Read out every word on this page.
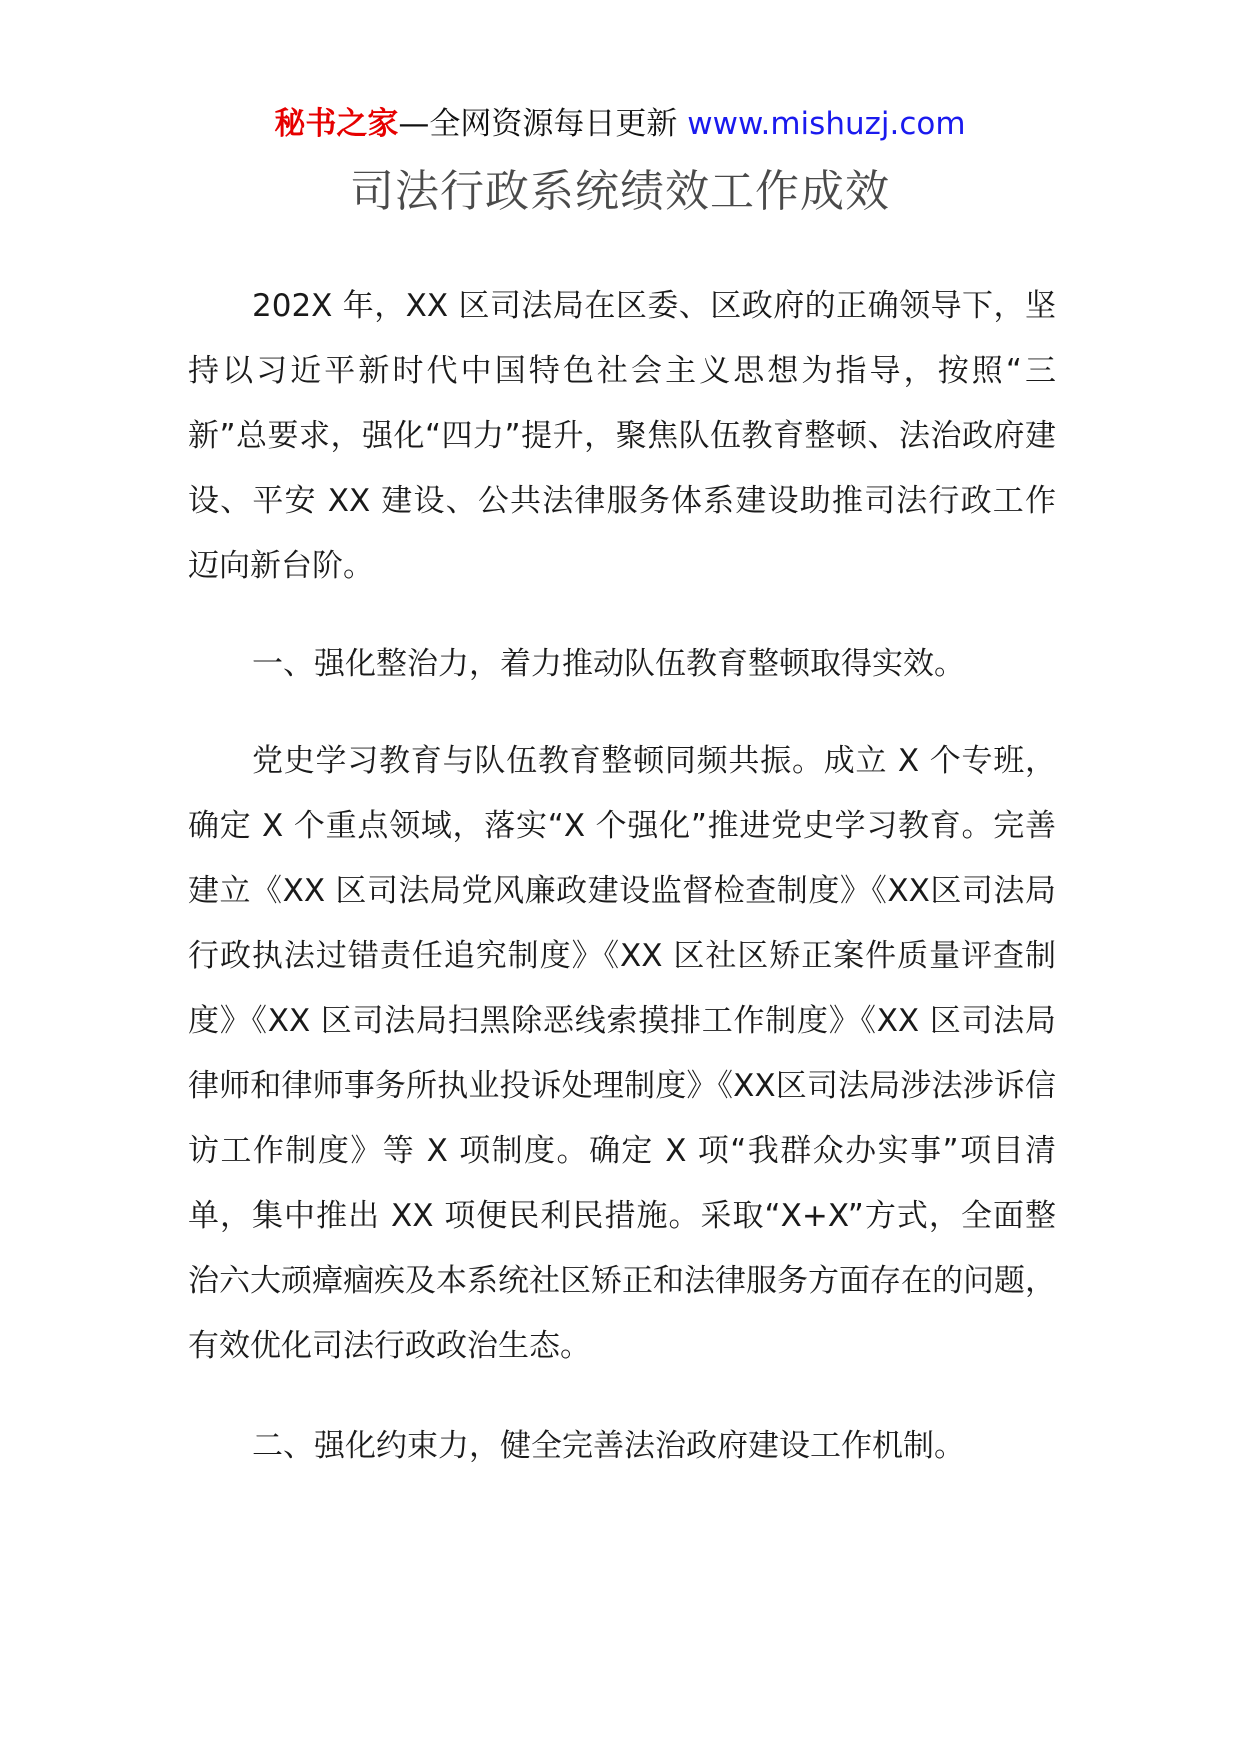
秘书之家—全网资源每日更新 www.mishuzj.com
司法行政系统绩效工作成效

202X 年，XX 区司法局在区委、区政府的正确领导下，坚持以习近平新时代中国特色社会主义思想为指导，按照“三新”总要求，强化“四力”提升，聚焦队伍教育整顿、法治政府建设、平安 XX 建设、公共法律服务体系建设助推司法行政工作迈向新台阶。

一、强化整治力，着力推动队伍教育整顿取得实效。

党史学习教育与队伍教育整顿同频共振。成立 X 个专班，确定 X 个重点领域，落实“X 个强化”推进党史学习教育。完善建立《XX 区司法局党风廉政建设监督检查制度》《XX区司法局行政执法过错责任追究制度》《XX 区社区矫正案件质量评查制度》《XX 区司法局扫黑除恶线索摸排工作制度》《XX 区司法局律师和律师事务所执业投诉处理制度》《XX区司法局涉法涉诉信访工作制度》等 X 项制度。确定 X 项“我群众办实事”项目清单，集中推出 XX 项便民利民措施。采取“X+X”方式，全面整治六大顽瘴痼疾及本系统社区矫正和法律服务方面存在的问题，有效优化司法行政政治生态。

二、强化约束力，健全完善法治政府建设工作机制。
